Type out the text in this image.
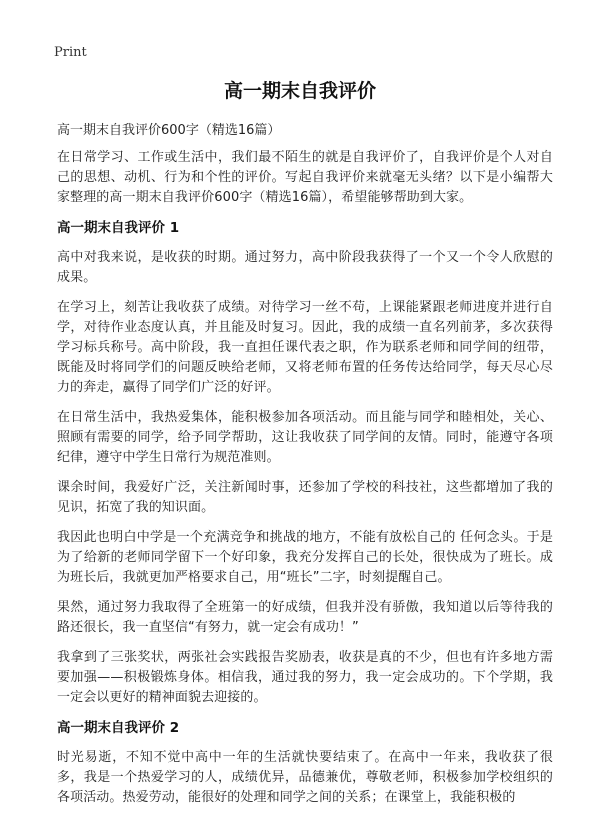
Print
高一期末自我评价

高一期末自我评价600字（精选16篇）

在日常学习、工作或生活中，我们最不陌生的就是自我评价了，自我评价是个人对自己的思想、动机、行为和个性的评价。写起自我评价来就毫无头绪？以下是小编帮大家整理的高一期末自我评价600字（精选16篇），希望能够帮助到大家。

高一期末自我评价 1

高中对我来说，是收获的时期。通过努力，高中阶段我获得了一个又一个令人欣慰的成果。

在学习上，刻苦让我收获了成绩。对待学习一丝不苟，上课能紧跟老师进度并进行自学，对待作业态度认真，并且能及时复习。因此，我的成绩一直名列前茅，多次获得学习标兵称号。高中阶段，我一直担任课代表之职，作为联系老师和同学间的纽带，既能及时将同学们的问题反映给老师，又将老师布置的任务传达给同学，每天尽心尽力的奔走，赢得了同学们广泛的好评。

在日常生活中，我热爱集体，能积极参加各项活动。而且能与同学和睦相处，关心、照顾有需要的同学，给予同学帮助，这让我收获了同学间的友情。同时，能遵守各项纪律，遵守中学生日常行为规范准则。

课余时间，我爱好广泛，关注新闻时事，还参加了学校的科技社，这些都增加了我的见识，拓宽了我的知识面。

我因此也明白中学是一个充满竞争和挑战的地方，不能有放松自己的 任何念头。于是为了给新的老师同学留下一个好印象，我充分发挥自己的长处，很快成为了班长。成为班长后，我就更加严格要求自己，用“班长”二字，时刻提醒自己。

果然，通过努力我取得了全班第一的好成绩，但我并没有骄傲，我知道以后等待我的路还很长，我一直坚信“有努力，就一定会有成功！”

我拿到了三张奖状，两张社会实践报告奖励表，收获是真的不少，但也有许多地方需要加强——积极锻炼身体。相信我，通过我的努力，我一定会成功的。下个学期，我一定会以更好的精神面貌去迎接的。

高一期末自我评价 2

时光易逝，不知不觉中高中一年的生活就快要结束了。在高中一年来，我收获了很多，我是一个热爱学习的人，成绩优异，品德兼优，尊敬老师，积极参加学校组织的各项活动。热爱劳动，能很好的处理和同学之间的关系；在课堂上，我能积极的
